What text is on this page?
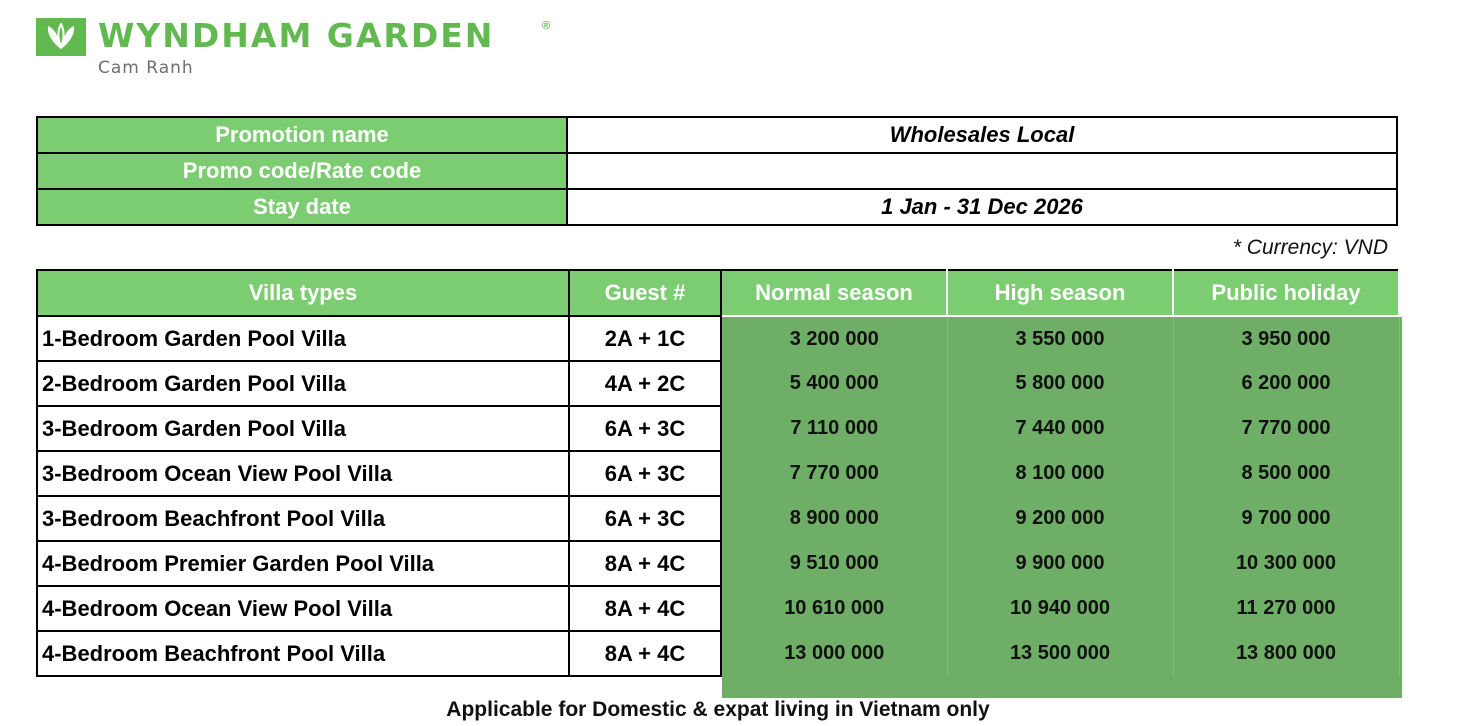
WYNDHAM GARDEN	®
Cam Ranh
Promotion name	Wholesales Local
Promo code/Rate code	
Stay date	1 Jan - 31 Dec 2026
* Currency: VND
Villa types	Guest #	Normal season	High season	Public holiday
1-Bedroom Garden Pool Villa	2A + 1C	3 200 000	3 550 000	3 950 000
2-Bedroom Garden Pool Villa	4A + 2C	5 400 000	5 800 000	6 200 000
3-Bedroom Garden Pool Villa	6A + 3C	7 110 000	7 440 000	7 770 000
3-Bedroom Ocean View Pool Villa	6A + 3C	7 770 000	8 100 000	8 500 000
3-Bedroom Beachfront Pool Villa	6A + 3C	8 900 000	9 200 000	9 700 000
4-Bedroom Premier Garden Pool Villa	8A + 4C	9 510 000	9 900 000	10 300 000
4-Bedroom Ocean View Pool Villa	8A + 4C	10 610 000	10 940 000	11 270 000
4-Bedroom Beachfront Pool Villa	8A + 4C	13 000 000	13 500 000	13 800 000
Applicable for Domestic & expat living in Vietnam only
